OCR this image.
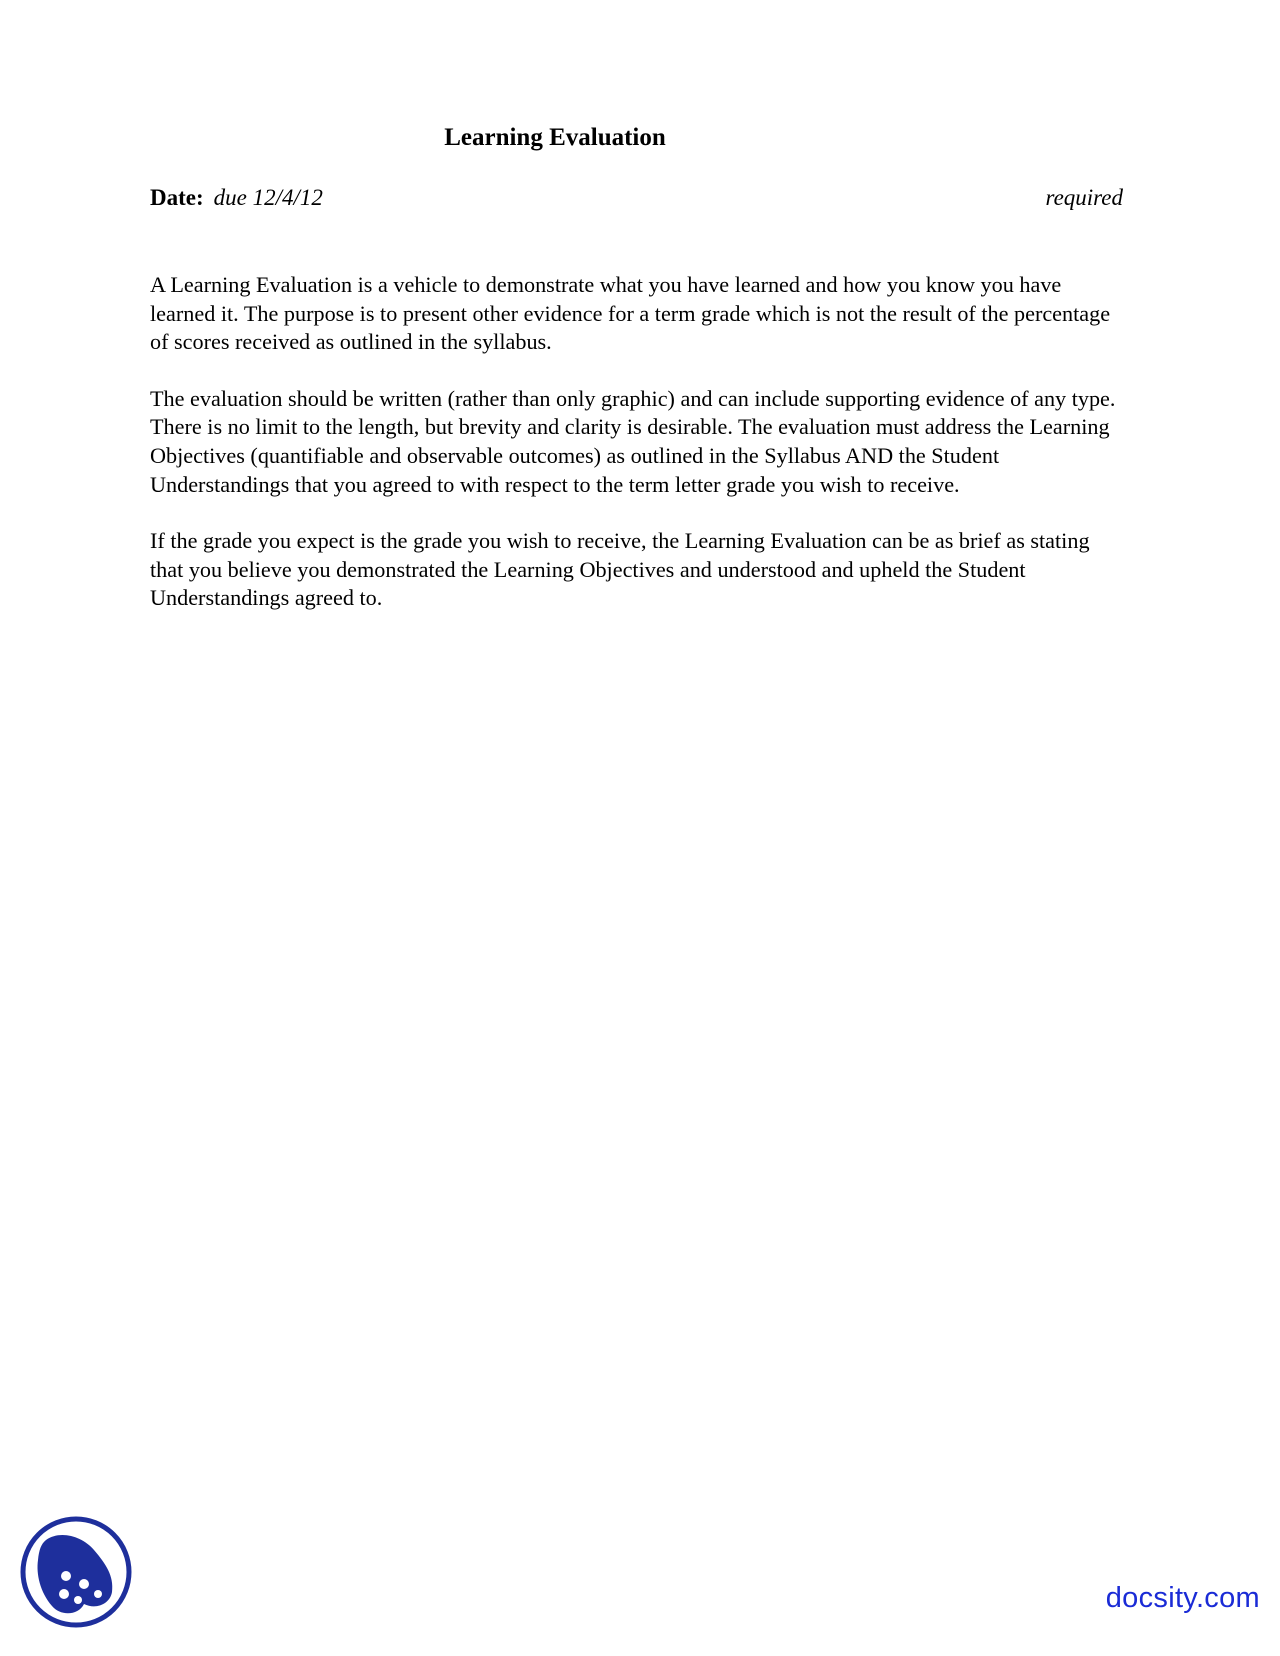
Learning Evaluation
Date: due 12/4/12	required

A Learning Evaluation is a vehicle to demonstrate what you have learned and how you know you have learned it. The purpose is to present other evidence for a term grade which is not the result of the percentage of scores received as outlined in the syllabus.

The evaluation should be written (rather than only graphic) and can include supporting evidence of any type. There is no limit to the length, but brevity and clarity is desirable. The evaluation must address the Learning Objectives (quantifiable and observable outcomes) as outlined in the Syllabus AND the Student Understandings that you agreed to with respect to the term letter grade you wish to receive.

If the grade you expect is the grade you wish to receive, the Learning Evaluation can be as brief as stating that you believe you demonstrated the Learning Objectives and understood and upheld the Student Understandings agreed to.

docsity.com
